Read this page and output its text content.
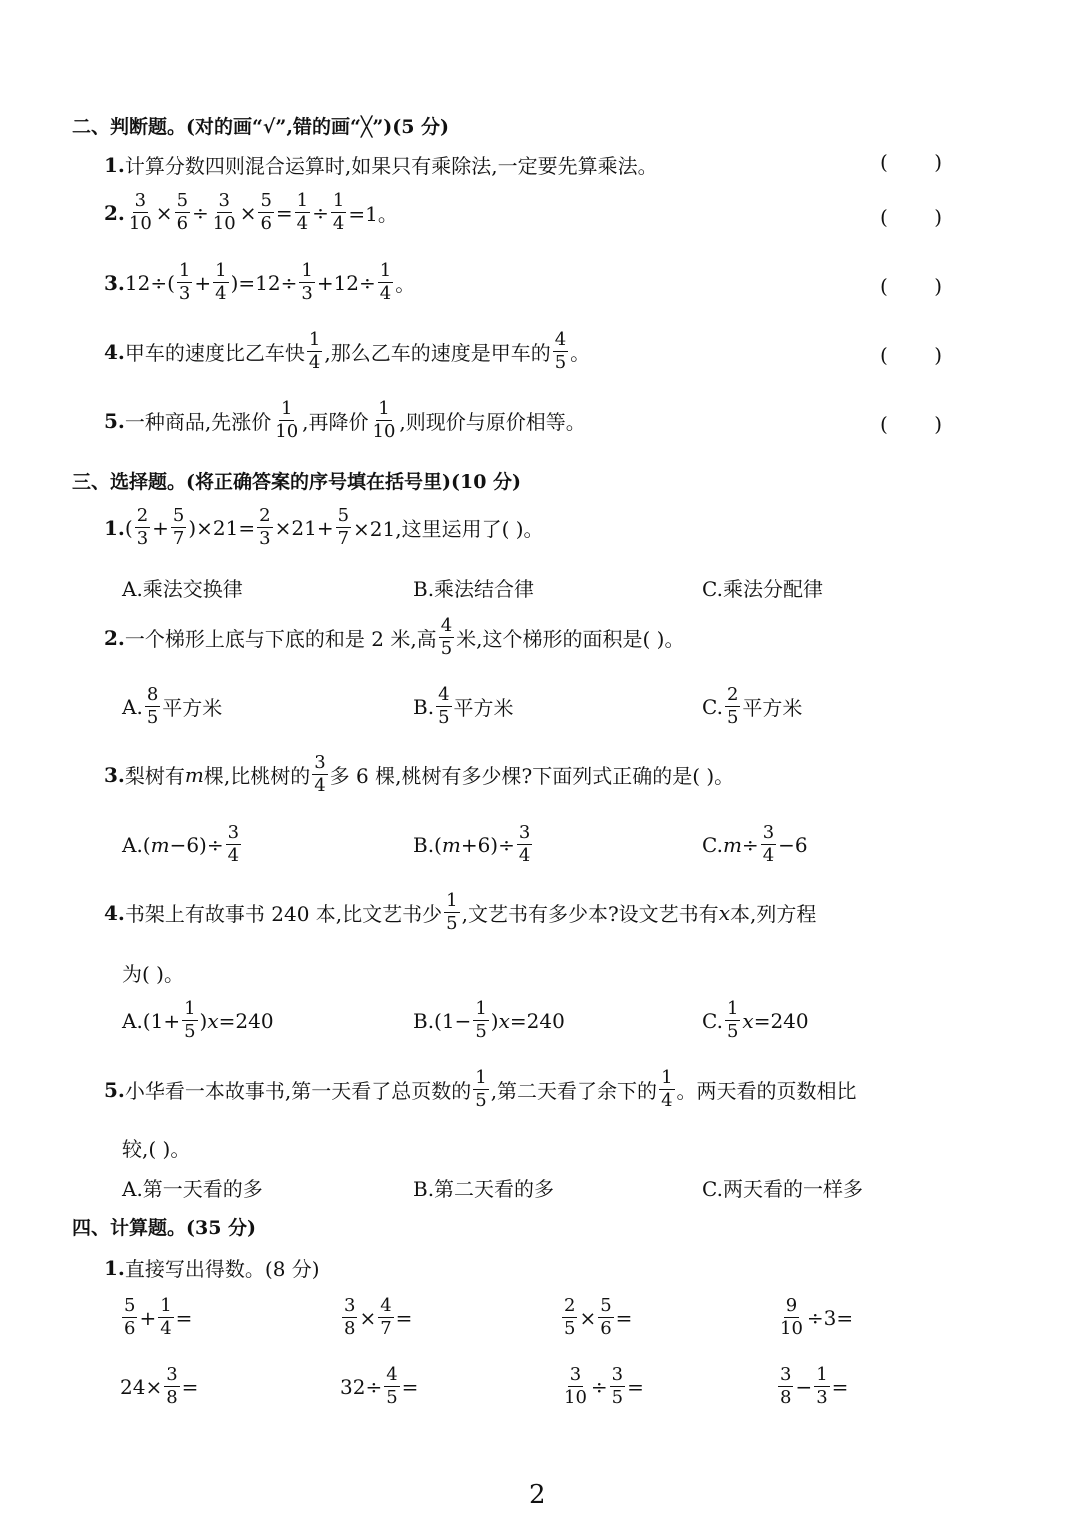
二、判断题。(对的画“√”,错的画“╳”)(5 分)
1. 计算分数四则混合运算时,如果只有乘除法,一定要先算乘法。	( )
2. $\frac{3}{10} \times \frac{5}{6} \div \frac{3}{10} \times \frac{5}{6} = \frac{1}{4} \div \frac{1}{4} =1$。	( )
3. $12\div( \frac{1}{3} + \frac{1}{4} )=12\div \frac{1}{3} +12\div \frac{1}{4}$ 。	( )
4. 甲车的速度比乙车快 $\frac{1}{4}$ ,那么乙车的速度是甲车的 $\frac{4}{5}$ 。	( )
5. 一种商品,先涨价 $\frac{1}{10}$ ,再降价 $\frac{1}{10}$ ,则现价与原价相等。	( )
三、选择题。(将正确答案的序号填在括号里)(10 分)
1. ( $\frac{2}{3} + \frac{5}{7} )\times 21= \frac{2}{3} \times 21+ \frac{5}{7} \times 21$,这里运用了( )。
A.乘法交换律	B.乘法结合律	C.乘法分配律
2. 一个梯形上底与下底的和是 2 米,高 $\frac{4}{5}$ 米,这个梯形的面积是( )。
A. $\frac{8}{5}$ 平方米	B. $\frac{4}{5}$ 平方米	C. $\frac{2}{5}$ 平方米
3. 梨树有 m 棵,比桃树的 $\frac{3}{4}$ 多 6 棵,桃树有多少棵?下面列式正确的是( )。
A.( $m -6)\div \frac{3}{4}$	B.( $m +6)\div \frac{3}{4}$	C. $m \div \frac{3}{4} -6$
4. 书架上有故事书 240 本,比文艺书少 $\frac{1}{5}$ ,文艺书有多少本?设文艺书有 x 本,列方程
为( )。
$A.(1+ \frac{1}{5}$ ) x =240	$B.(1- \frac{1}{5}$ ) x =240	C. $\frac{1}{5}$ x =240
5. 小华看一本故事书,第一天看了总页数的 $\frac{1}{5}$ ,第二天看了余下的 $\frac{1}{4}$ 。两天看的页数相比
较,( )。
A.第一天看的多	B.第二天看的多	C.两天看的一样多
四、计算题。(35 分)
1. 直接写出得数。(8 分)
$\frac{5}{6} + \frac{1}{4}$ =	$\frac{3}{8} \times \frac{4}{7}$ =	$\frac{2}{5} \times \frac{5}{6}$ =	$\frac{9}{10} \div 3=$
$24\times \frac{3}{8}$ =	$32\div \frac{4}{5}$ =	$\frac{3}{10} \div \frac{3}{5}$ =	$\frac{3}{8} - \frac{1}{3}$ =
2
